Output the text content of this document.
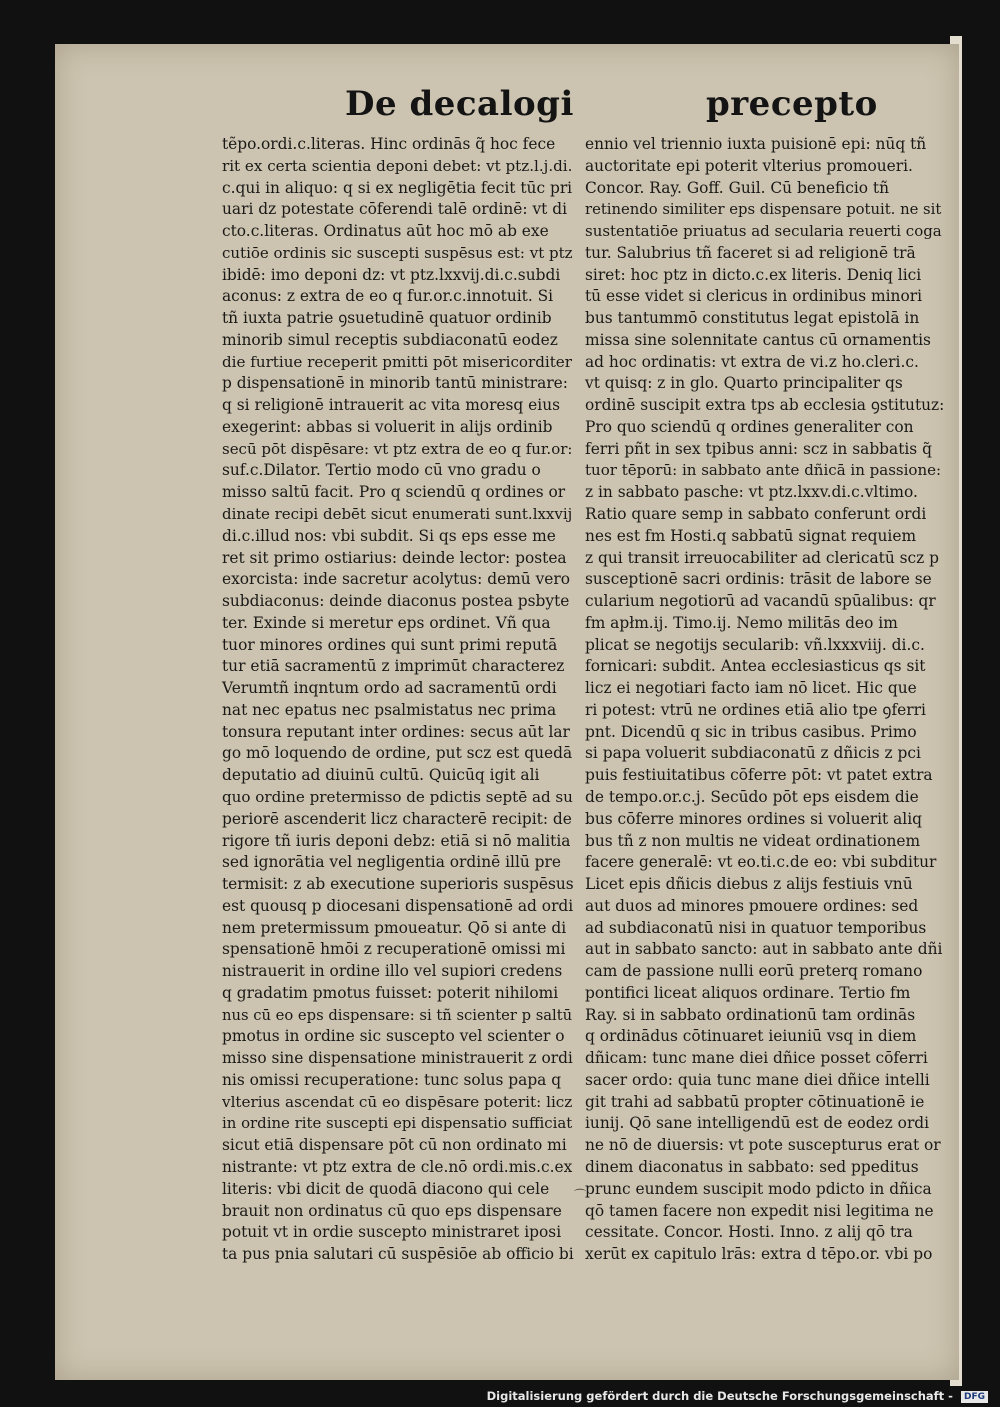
De decalogi	precepto
tẽpo.ordi.c.literas. Hinc ordinās q̃ hoc fece
rit ex certa scientia deponi debet: vt ptz.l.j.di.
c.qui in aliquo: q si ex negligētia fecit tūc pri
uari dz potestate cōferendi talē ordinē: vt di
cto.c.literas. Ordinatus aūt hoc mō ab exe
cutiōe ordinis sic suscepti suspēsus est: vt ptz
ibidē: imo deponi dz: vt ptz.lxxvij.di.c.subdi
aconus: z extra de eo q fur.or.c.innotuit. Si
tñ iuxta patrie ꝯsuetudinē quatuor ordinib
minorib simul receptis subdiaconatū eodez
die furtiue receperit pmitti pōt misericorditer
p dispensationē in minorib tantū ministrare:
q si religionē intrauerit ac vita moresq eius
exegerint: abbas si voluerit in alijs ordinib
secū pōt dispēsare: vt ptz extra de eo q fur.or:
suf.c.Dilator. Tertio modo cū vno gradu o
misso saltū facit. Pro q sciendū q ordines or
dinate recipi debēt sicut enumerati sunt.lxxvij
di.c.illud nos: vbi subdit. Si qs eps esse me
ret sit primo ostiarius: deinde lector: postea
exorcista: inde sacretur acolytus: demū vero
subdiaconus: deinde diaconus postea psbyte
ter. Exinde si meretur eps ordinet. Vñ qua
tuor minores ordines qui sunt primi reputā
tur etiā sacramentū z imprimūt characterez
Verumtñ inqntum ordo ad sacramentū ordi
nat nec epatus nec psalmistatus nec prima
tonsura reputant inter ordines: secus aūt lar
go mō loquendo de ordine, put scz est quedā
deputatio ad diuinū cultū. Quicūq igit ali
quo ordine pretermisso de pdictis septē ad su
periorē ascenderit licz characterē recipit: de
rigore tñ iuris deponi debz: etiā si nō malitia
sed ignorātia vel negligentia ordinē illū pre
termisit: z ab executione superioris suspēsus
est quousq p diocesani dispensationē ad ordi
nem pretermissum pmoueatur. Qō si ante di
spensationē hmōi z recuperationē omissi mi
nistrauerit in ordine illo vel supiori credens
q gradatim pmotus fuisset: poterit nihilomi
nus cū eo eps dispensare: si tñ scienter p saltū
pmotus in ordine sic suscepto vel scienter o
misso sine dispensatione ministrauerit z ordi
nis omissi recuperatione: tunc solus papa q
vlterius ascendat cū eo dispēsare poterit: licz
in ordine rite suscepti epi dispensatio sufficiat
sicut etiā dispensare pōt cū non ordinato mi
nistrante: vt ptz extra de cle.nō ordi.mis.c.ex
literis: vbi dicit de quodā diacono qui cele
brauit non ordinatus cū quo eps dispensare
potuit vt in ordie suscepto ministraret iposi
ta pus pnia salutari cū suspēsiōe ab officio bi
ennio vel triennio iuxta puisionē epi: nūq tñ
auctoritate epi poterit vlterius promoueri.
Concor. Ray. Goff. Guil. Cū beneficio tñ
retinendo similiter eps dispensare potuit. ne sit
sustentatiōe priuatus ad secularia reuerti coga
tur. Salubrius tñ faceret si ad religionē trā
siret: hoc ptz in dicto.c.ex literis. Deniq lici
tū esse videt si clericus in ordinibus minori
bus tantummō constitutus legat epistolā in
missa sine solennitate cantus cū ornamentis
ad hoc ordinatis: vt extra de vi.z ho.cleri.c.
vt quisq: z in glo. Quarto principaliter qs
ordinē suscipit extra tps ab ecclesia ꝯstitutuz:
Pro quo sciendū q ordines generaliter con
ferri pñt in sex tpibus anni: scz in sabbatis q̃
tuor tēporū: in sabbato ante dñicā in passione:
z in sabbato pasche: vt ptz.lxxv.di.c.vltimo.
Ratio quare semp in sabbato conferunt ordi
nes est fm Hosti.q sabbatū signat requiem
z qui transit irreuocabiliter ad clericatū scz p
susceptionē sacri ordinis: trāsit de labore se
cularium negotiorū ad vacandū spūalibus: qr
fm apłm.ij. Timo.ij. Nemo militās deo im
plicat se negotijs secularib: vñ.lxxxviij. di.c.
fornicari: subdit. Antea ecclesiasticus qs sit
licz ei negotiari facto iam nō licet. Hic que
ri potest: vtrū ne ordines etiā alio tpe ꝯferri
pnt. Dicendū q sic in tribus casibus. Primo
si papa voluerit subdiaconatū z dñicis z pci
puis festiuitatibus cōferre pōt: vt patet extra
de tempo.or.c.j. Secūdo pōt eps eisdem die
bus cōferre minores ordines si voluerit aliq
bus tñ z non multis ne videat ordinationem
facere generalē: vt eo.ti.c.de eo: vbi subditur
Licet epis dñicis diebus z alijs festiuis vnū
aut duos ad minores pmouere ordines: sed
ad subdiaconatū nisi in quatuor temporibus
aut in sabbato sancto: aut in sabbato ante dñi
cam de passione nulli eorū preterq romano
pontifici liceat aliquos ordinare. Tertio fm
Ray. si in sabbato ordinationū tam ordinās
q ordinādus cōtinuaret ieiuniū vsq in diem
dñicam: tunc mane diei dñice posset cōferri
sacer ordo: quia tunc mane diei dñice intelli
git trahi ad sabbatū propter cōtinuationē ie
iunij. Qō sane intelligendū est de eodez ordi
ne nō de diuersis: vt pote suscepturus erat or
dinem diaconatus in sabbato: sed ppeditus
prunc eundem suscipit modo pdicto in dñica
qō tamen facere non expedit nisi legitima ne
cessitate. Concor. Hosti. Inno. z alij qō tra
xerūt ex capitulo lrās: extra d tēpo.or. vbi po
⌒
Digitalisierung gefördert durch die Deutsche Forschungsgemeinschaft - DFG
